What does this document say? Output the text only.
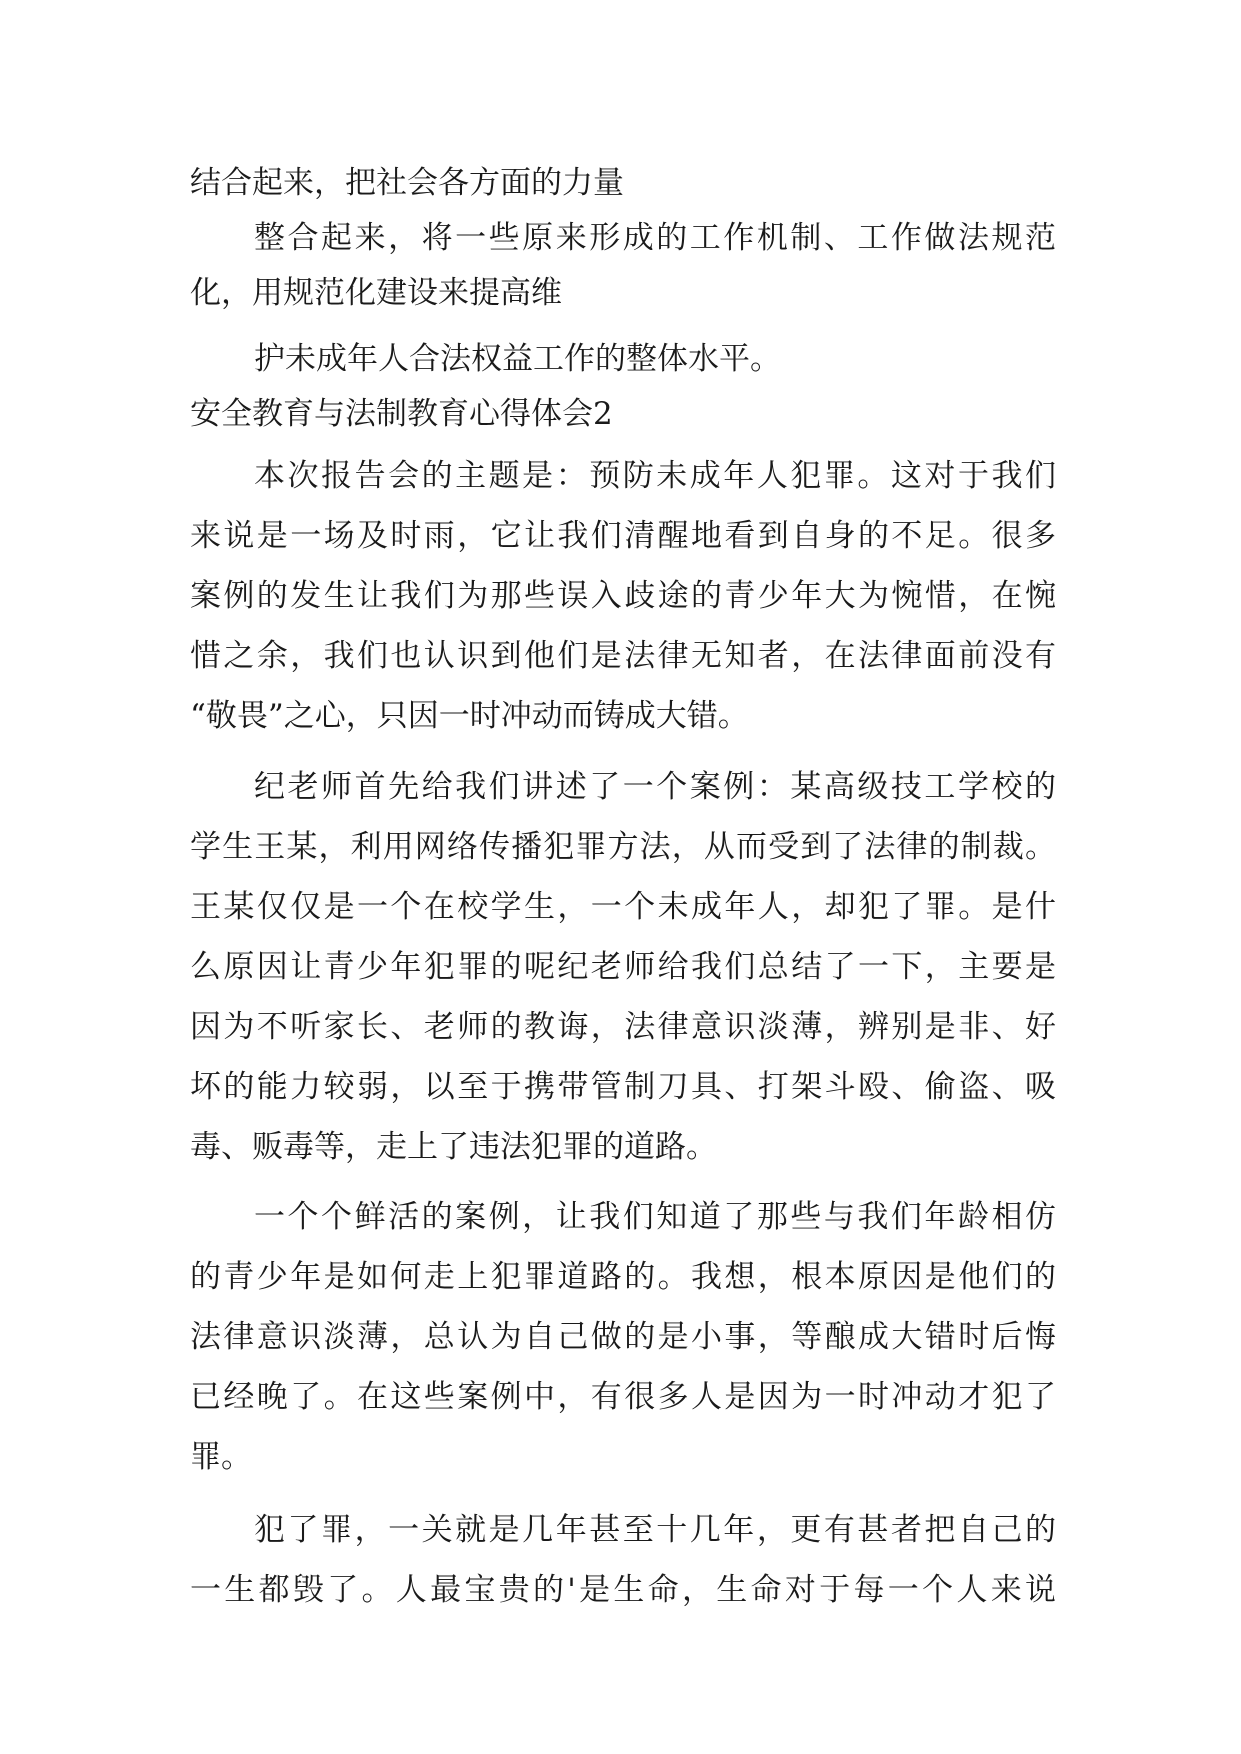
结合起来，把社会各方面的力量
整合起来，将一些原来形成的工作机制、工作做法规范
化，用规范化建设来提高维
护未成年人合法权益工作的整体水平。
安全教育与法制教育心得体会2
本次报告会的主题是：预防未成年人犯罪。这对于我们
来说是一场及时雨，它让我们清醒地看到自身的不足。很多
案例的发生让我们为那些误入歧途的青少年大为惋惜，在惋
惜之余，我们也认识到他们是法律无知者，在法律面前没有
“敬畏”之心，只因一时冲动而铸成大错。
纪老师首先给我们讲述了一个案例：某高级技工学校的
学生王某，利用网络传播犯罪方法，从而受到了法律的制裁。
王某仅仅是一个在校学生，一个未成年人，却犯了罪。是什
么原因让青少年犯罪的呢纪老师给我们总结了一下，主要是
因为不听家长、老师的教诲，法律意识淡薄，辨别是非、好
坏的能力较弱，以至于携带管制刀具、打架斗殴、偷盗、吸
毒、贩毒等，走上了违法犯罪的道路。
一个个鲜活的案例，让我们知道了那些与我们年龄相仿
的青少年是如何走上犯罪道路的。我想，根本原因是他们的
法律意识淡薄，总认为自己做的是小事，等酿成大错时后悔
已经晚了。在这些案例中，有很多人是因为一时冲动才犯了
罪。
犯了罪，一关就是几年甚至十几年，更有甚者把自己的
一生都毁了。人最宝贵的'是生命，生命对于每一个人来说
